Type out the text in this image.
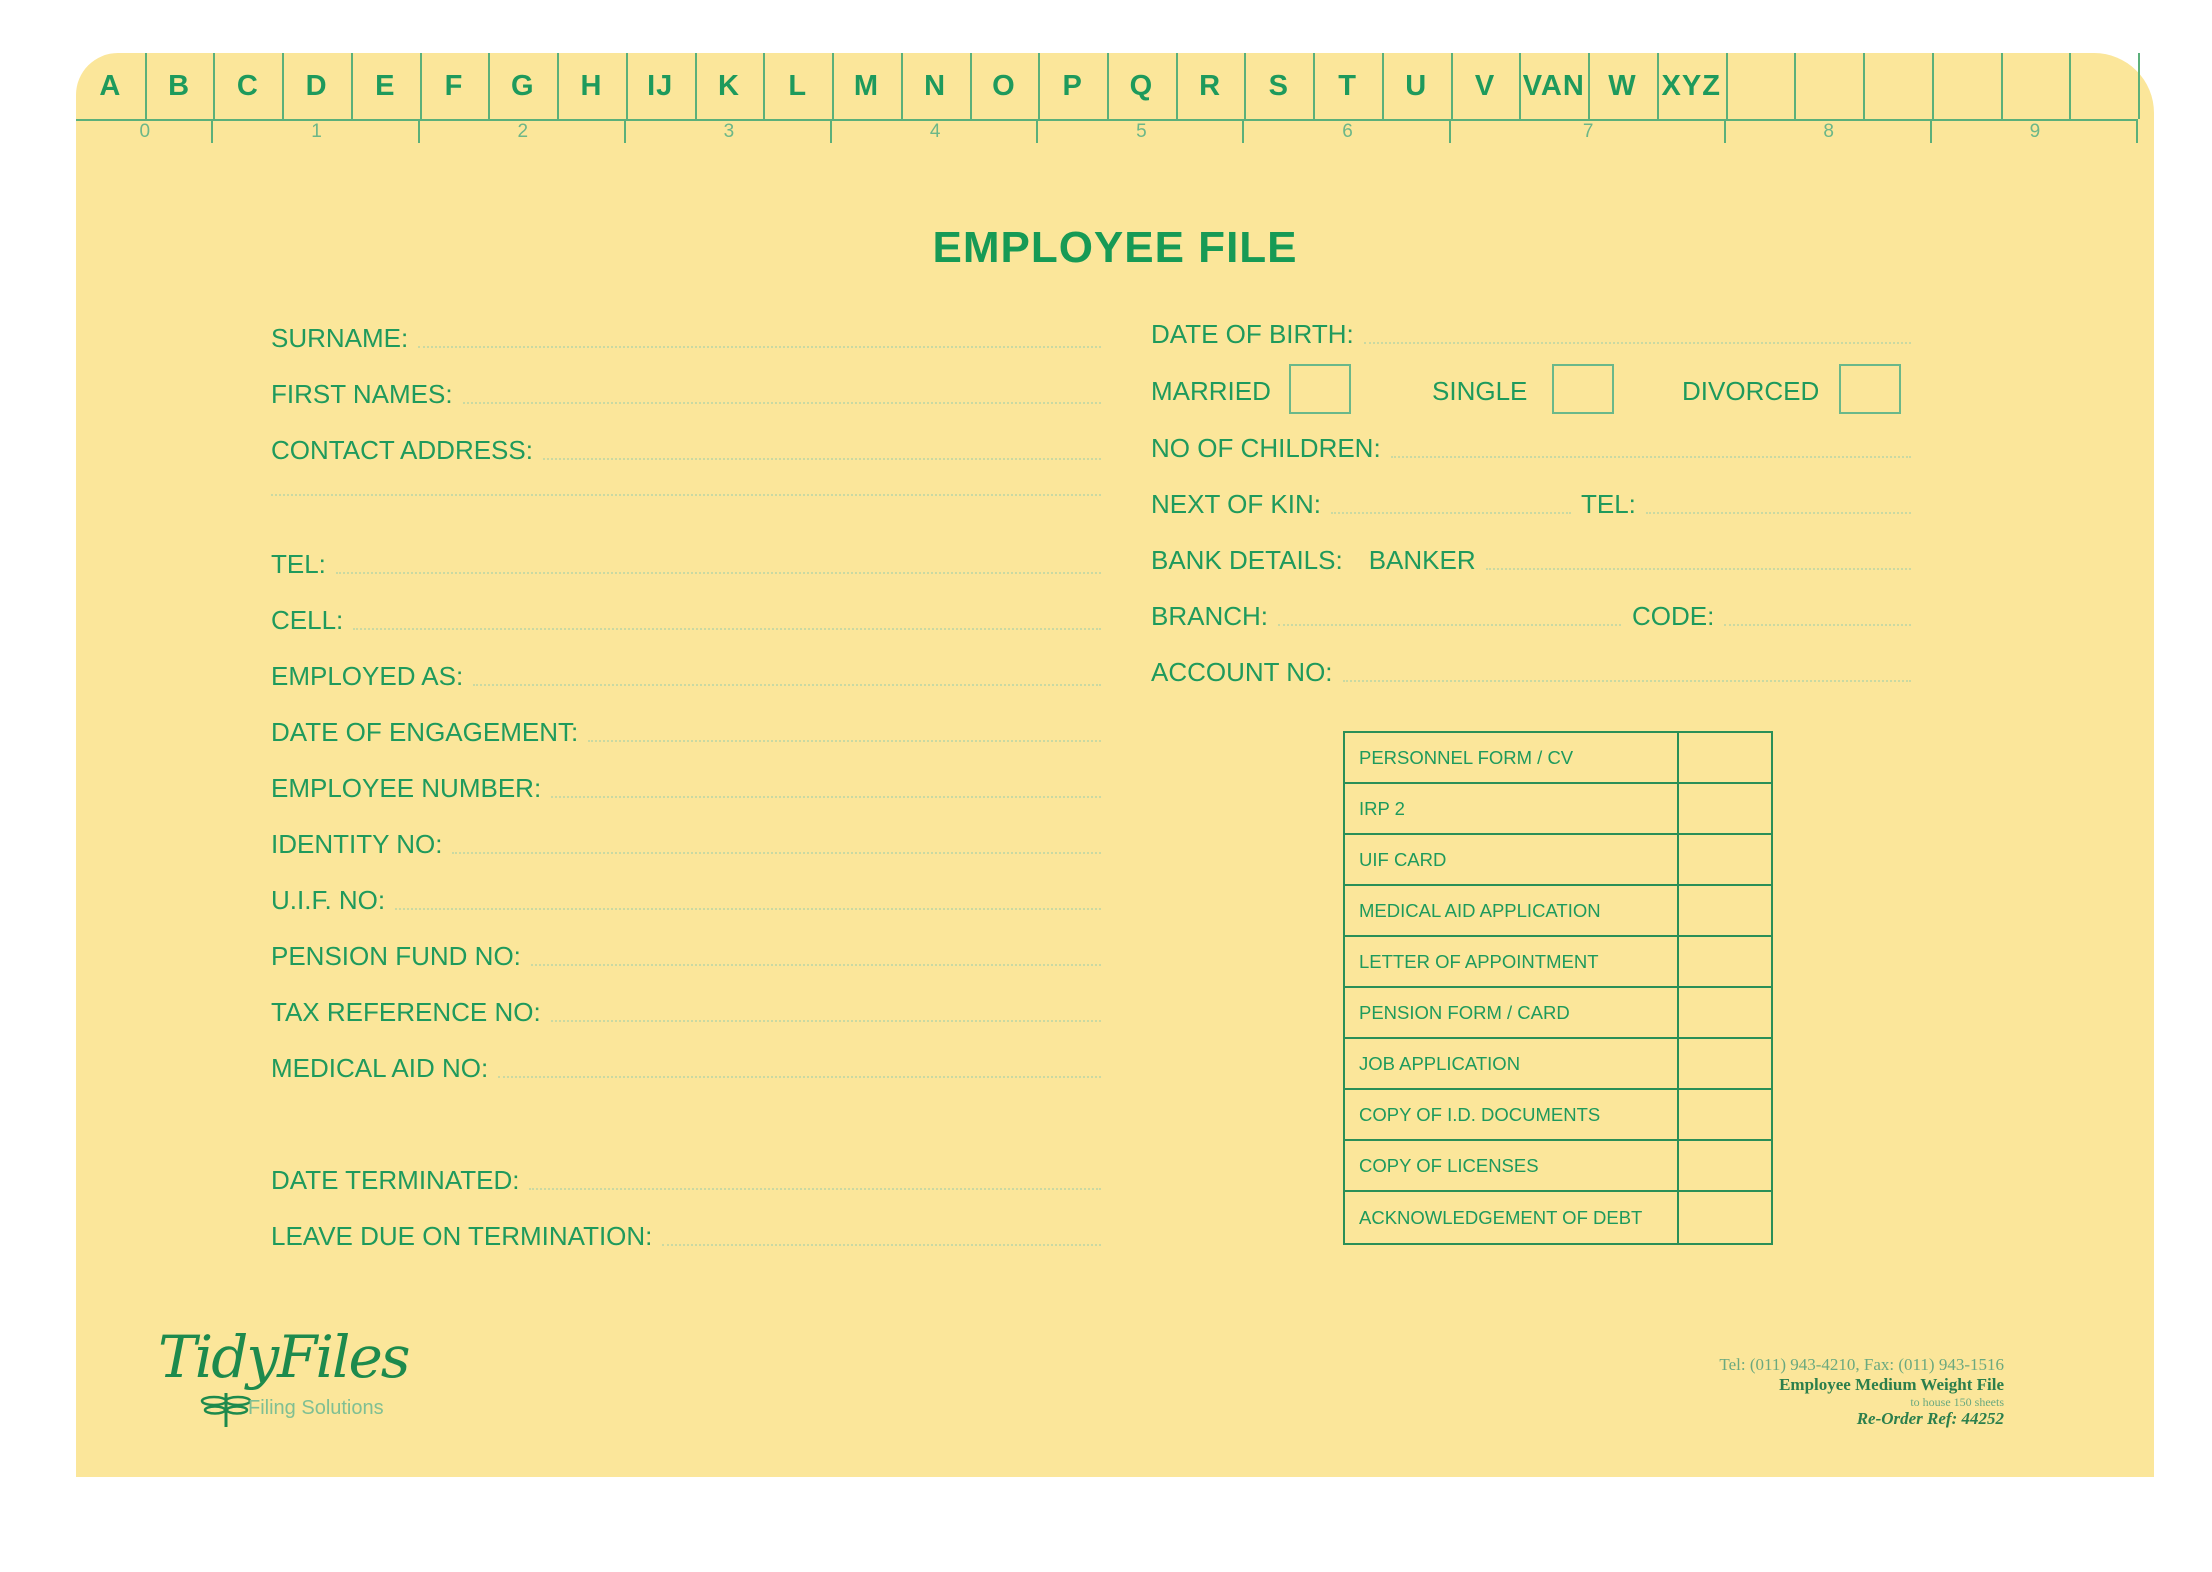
A	B	C	D	E	F	G	H	IJ	K	L	M	N	O	P	Q	R	S	T	U	V VAN W XYZ
0	1	2	3	4	5	6	7	8	9
EMPLOYEE FILE
SURNAME:
FIRST NAMES:
CONTACT ADDRESS:
TEL:
CELL:
EMPLOYED AS:
DATE OF ENGAGEMENT:
EMPLOYEE NUMBER:
IDENTITY NO:
U.I.F. NO:
PENSION FUND NO:
TAX REFERENCE NO:
MEDICAL AID NO:
DATE TERMINATED:
LEAVE DUE ON TERMINATION:
DATE OF BIRTH:
MARRIED	SINGLE	DIVORCED
NO OF CHILDREN:
NEXT OF KIN:	TEL:
BANK DETAILS: BANKER
BRANCH:	CODE:
ACCOUNT NO:
PERSONNEL FORM / CV
IRP 2
UIF CARD
MEDICAL AID APPLICATION
LETTER OF APPOINTMENT
PENSION FORM / CARD
JOB APPLICATION
COPY OF I.D. DOCUMENTS
COPY OF LICENSES
ACKNOWLEDGEMENT OF DEBT
TidyFiles
Filing Solutions
Tel: (011) 943-4210, Fax: (011) 943-1516
Employee Medium Weight File
to house 150 sheets
Re-Order Ref: 44252
